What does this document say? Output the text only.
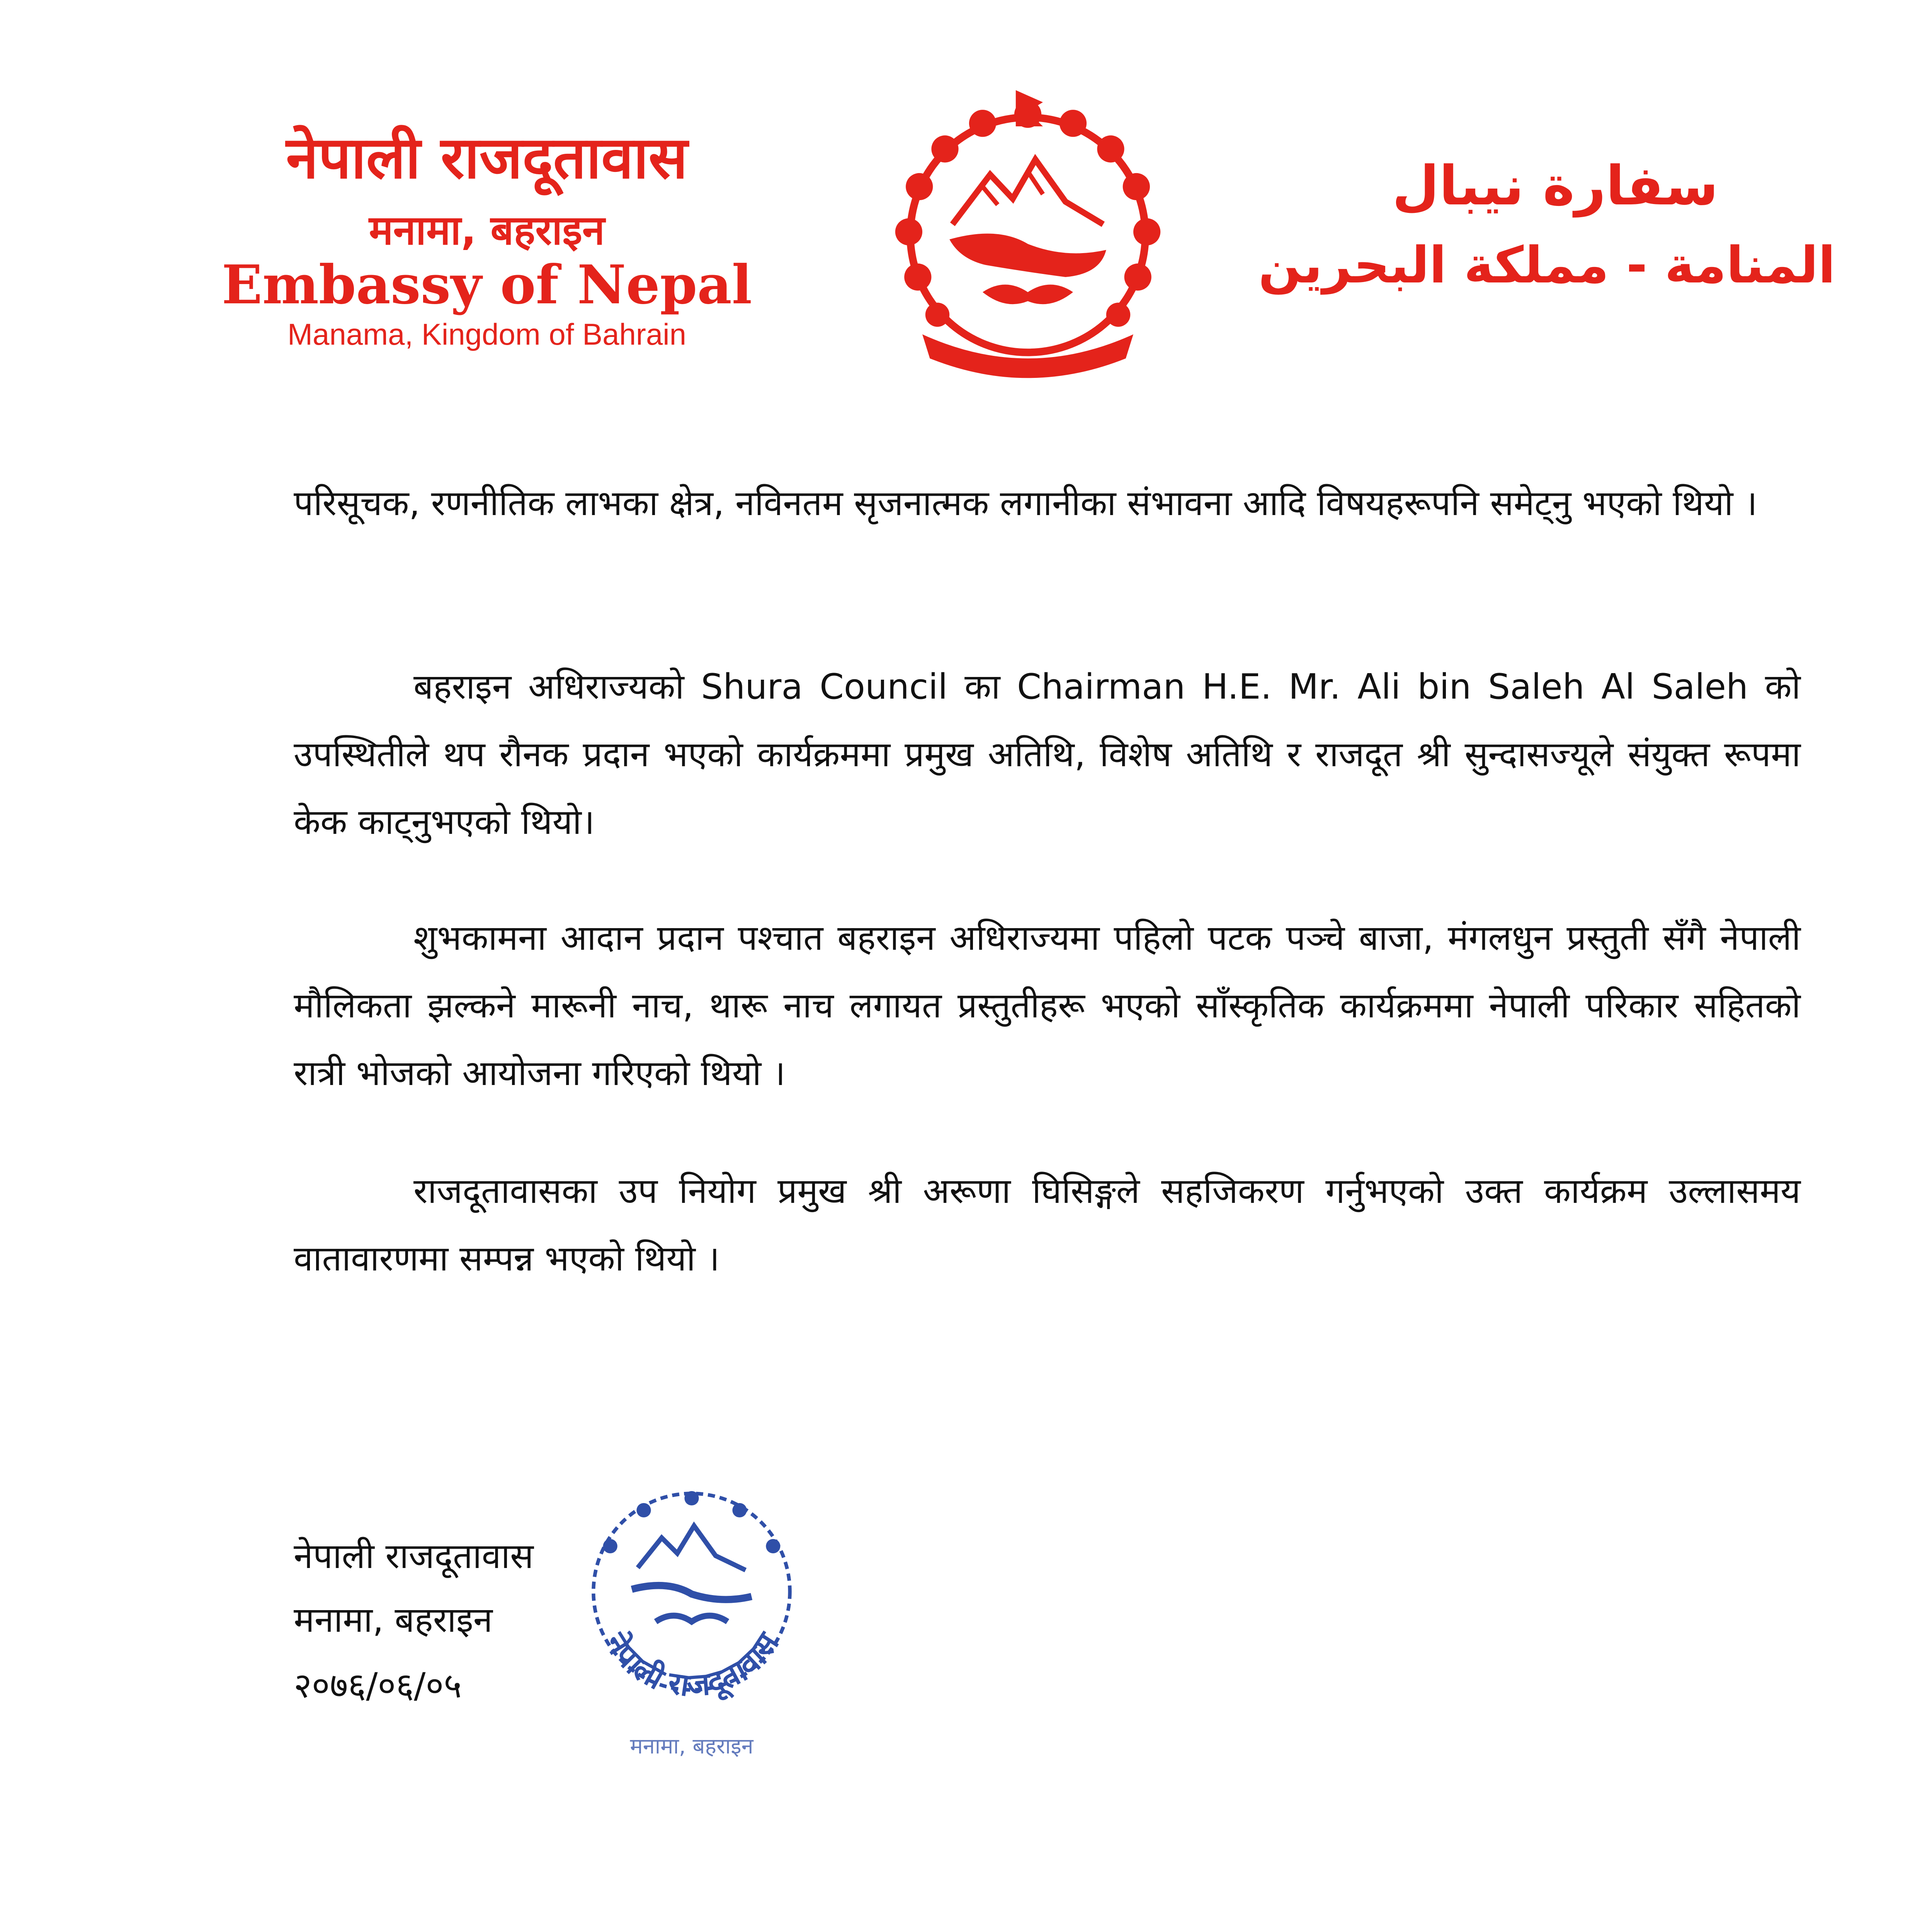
नेपाली राजदूतावास
मनामा, बहराइन
Embassy of Nepal
Manama, Kingdom of Bahrain
سفارة نيبال
المنامة - مملكة البحرين
परिसूचक, रणनीतिक लाभका क्षेत्र, नविनतम सृजनात्मक लगानीका संभावना आदि विषयहरूपनि समेट्नु भएको थियो ।
बहराइन अधिराज्यको Shura Council का Chairman H.E. Mr. Ali bin Saleh Al Saleh को उपस्थितीले थप रौनक प्रदान भएको कार्यक्रममा प्रमुख अतिथि, विशेष अतिथि र राजदूत श्री सुन्दासज्यूले संयुक्त रूपमा केक काट्नुभएको थियो।
शुभकामना आदान प्रदान पश्चात बहराइन अधिराज्यमा पहिलो पटक पञ्चे बाजा, मंगलधुन प्रस्तुती सँगै नेपाली मौलिकता झल्कने मारूनी नाच, थारू नाच लगायत प्रस्तुतीहरू भएको साँस्कृतिक कार्यक्रममा नेपाली परिकार सहितको रात्री भोजको आयोजना गरिएको थियो ।
राजदूतावासका उप नियोग प्रमुख श्री अरूणा घिसिङ्गले सहजिकरण गर्नुभएको उक्त कार्यक्रम उल्लासमय वातावारणमा सम्पन्न भएको थियो ।
नेपाली राजदूतावास
मनामा, बहराइन
२०७६/०६/०५
नेपाली राजदूतावास
मनामा, बहराइन
